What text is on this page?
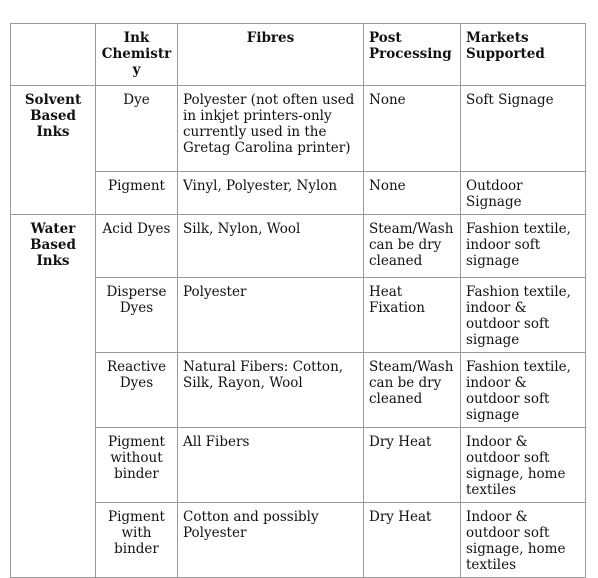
	Ink Chemistry	Fibres	Post Processing	Markets Supported
Solvent Based Inks	Dye	Polyester (not often used in inkjet printers-only currently used in the Gretag Carolina printer)	None	Soft Signage
	Pigment	Vinyl, Polyester, Nylon	None	Outdoor Signage
Water Based Inks	Acid Dyes	Silk, Nylon, Wool	Steam/Wash can be dry cleaned	Fashion textile, indoor soft signage
	Disperse Dyes	Polyester	Heat Fixation	Fashion textile, indoor & outdoor soft signage
	Reactive Dyes	Natural Fibers: Cotton, Silk, Rayon, Wool	Steam/Wash can be dry cleaned	Fashion textile, indoor & outdoor soft signage
	Pigment without binder	All Fibers	Dry Heat	Indoor & outdoor soft signage, home textiles
	Pigment with binder	Cotton and possibly Polyester	Dry Heat	Indoor & outdoor soft signage, home textiles
